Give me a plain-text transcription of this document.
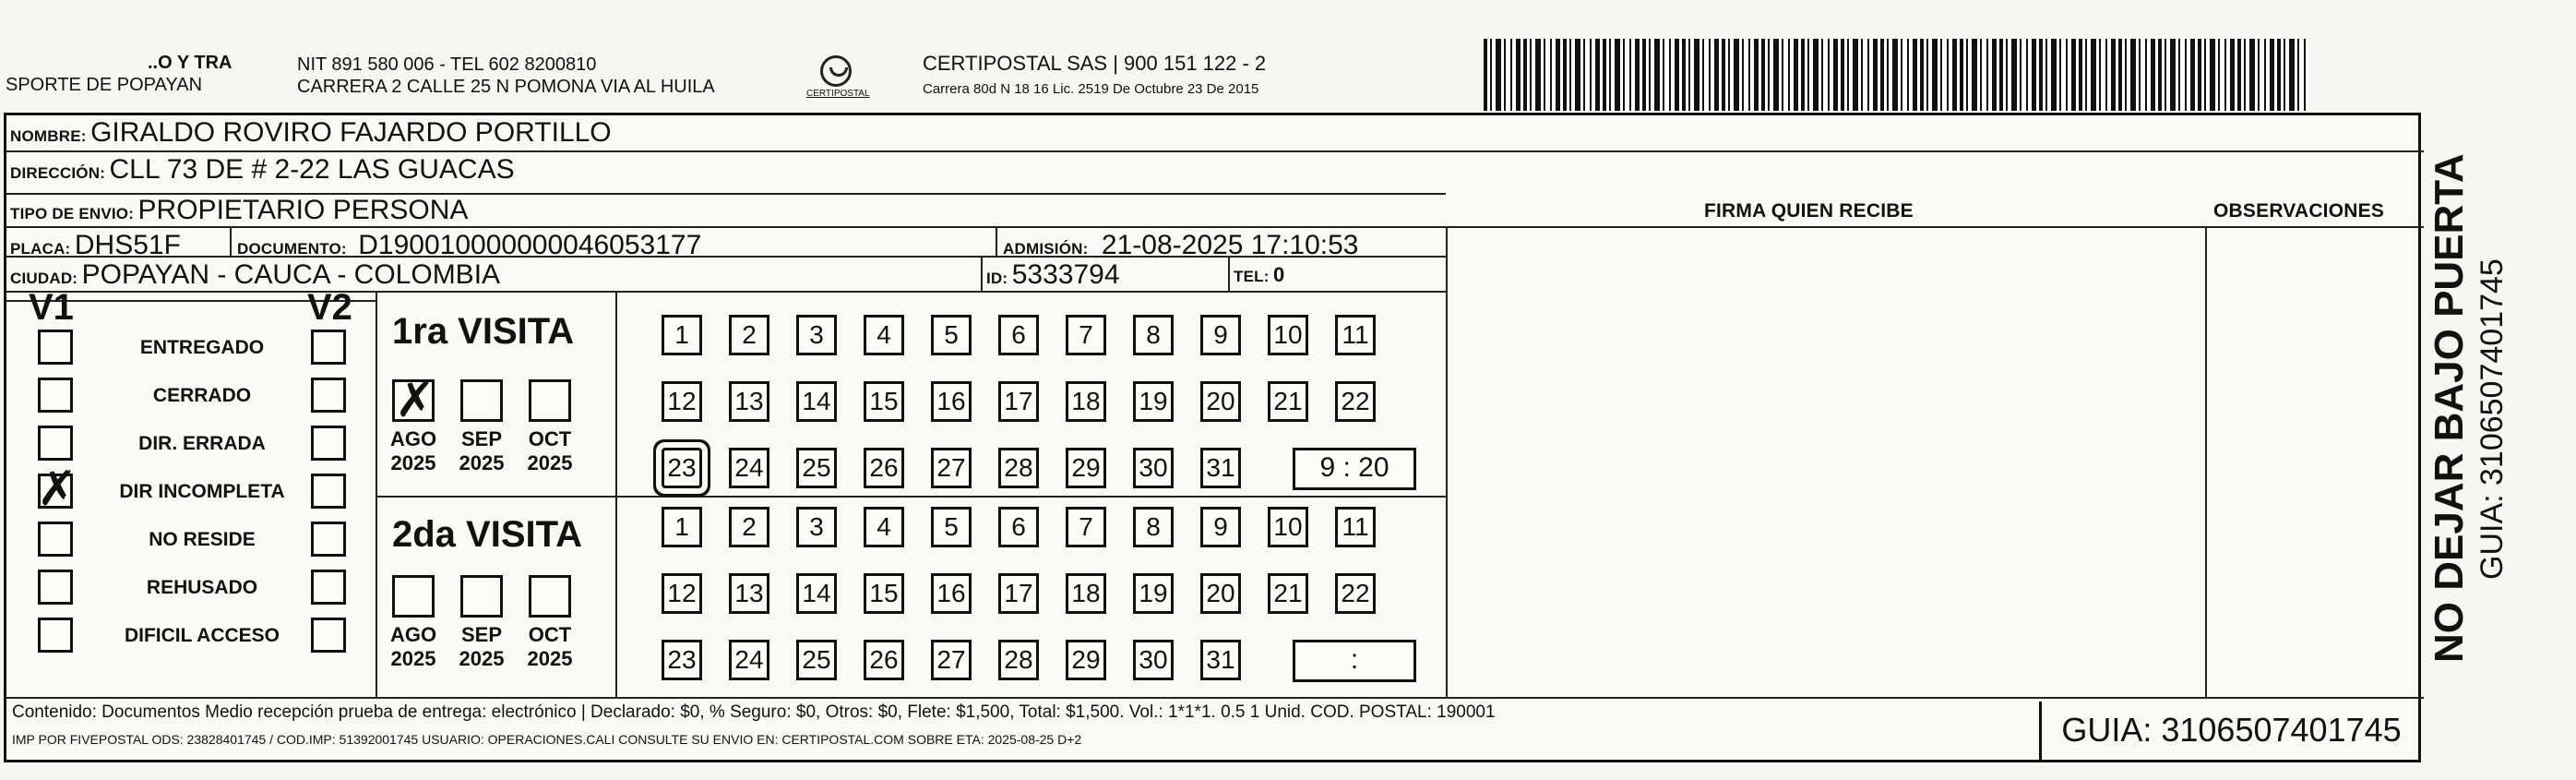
..O Y TRA
SPORTE DE POPAYAN
NIT 891 580 006 - TEL 602 8200810
CARRERA 2 CALLE 25 N POMONA VIA AL HUILA	CERTIPOSTAL
CERTIPOSTAL SAS | 900 151 122 - 2
Carrera 80d N 18 16 Lic. 2519 De Octubre 23 De 2015
NOMBRE: GIRALDO ROVIRO FAJARDO PORTILLO
DIRECCIÓN: CLL 73 DE # 2-22 LAS GUACAS
TIPO DE ENVIO: PROPIETARIO PERSONA	FIRMA QUIEN RECIBE	OBSERVACIONES
PLACA: DHS51F	DOCUMENTO: D190010000000046053177	ADMISIÓN: 21-08-2025 17:10:53
CIUDAD: POPAYAN - CAUCA - COLOMBIA	ID: 5333794	TEL: 0
V1	V2
ENTREGADO
CERRADO
DIR. ERRADA
✗	DIR INCOMPLETA
NO RESIDE
REHUSADO
DIFICIL ACCESO
1ra VISITA
✗
AGO
2025
SEP
2025
OCT
2025
1	2	3	4	5	6	7	8	9	10 11
12 13 14 15 16 17 18 19 20 21 22
23 24 25 26 27 28 29 30 31	9 : 20
2da VISITA
AGO
2025
SEP
2025
OCT
2025
1	2	3	4	5	6	7	8	9	10 11
12 13 14 15 16 17 18 19 20 21 22
23 24 25 26 27 28 29 30 31	:
Contenido: Documentos Medio recepción prueba de entrega: electrónico | Declarado: $0, % Seguro: $0, Otros: $0, Flete: $1,500, Total: $1,500. Vol.: 1*1*1. 0.5 1 Unid. COD. POSTAL: 190001
IMP POR FIVEPOSTAL ODS: 23828401745 / COD.IMP: 51392001745 USUARIO: OPERACIONES.CALI CONSULTE SU ENVIO EN: CERTIPOSTAL.COM SOBRE ETA: 2025-08-25 D+2	GUIA: 3106507401745
NO DEJAR BAJO PUERTA GUIA: 3106507401745
